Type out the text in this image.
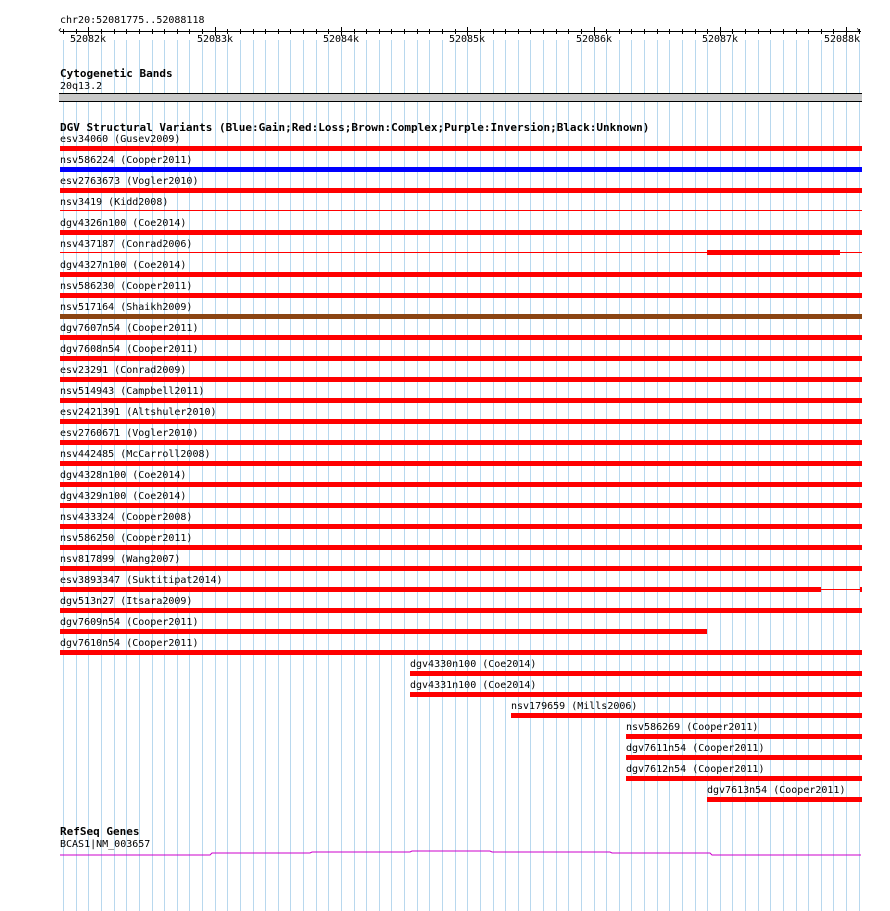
chr20:52081775..52088118
‹	›
52082k	52083k	52084k	52085k	52086k	52087k	52088k
Cytogenetic Bands
20q13.2
DGV Structural Variants (Blue:Gain;Red:Loss;Brown:Complex;Purple:Inversion;Black:Unknown)
esv34060 (Gusev2009)
nsv586224 (Cooper2011)
esv2763673 (Vogler2010)
nsv3419 (Kidd2008)
dgv4326n100 (Coe2014)
nsv437187 (Conrad2006)
dgv4327n100 (Coe2014)
nsv586230 (Cooper2011)
nsv517164 (Shaikh2009)
dgv7607n54 (Cooper2011)
dgv7608n54 (Cooper2011)
esv23291 (Conrad2009)
nsv514943 (Campbell2011)
esv2421391 (Altshuler2010)
esv2760671 (Vogler2010)
nsv442485 (McCarroll2008)
dgv4328n100 (Coe2014)
dgv4329n100 (Coe2014)
nsv433324 (Cooper2008)
nsv586250 (Cooper2011)
nsv817899 (Wang2007)
esv3893347 (Suktitipat2014)
dgv513n27 (Itsara2009)
dgv7609n54 (Cooper2011)
dgv7610n54 (Cooper2011)
dgv4330n100 (Coe2014)
dgv4331n100 (Coe2014)
nsv179659 (Mills2006)
nsv586269 (Cooper2011)
dgv7611n54 (Cooper2011)
dgv7612n54 (Cooper2011)
dgv7613n54 (Cooper2011)
RefSeq Genes
BCAS1|NM_003657
